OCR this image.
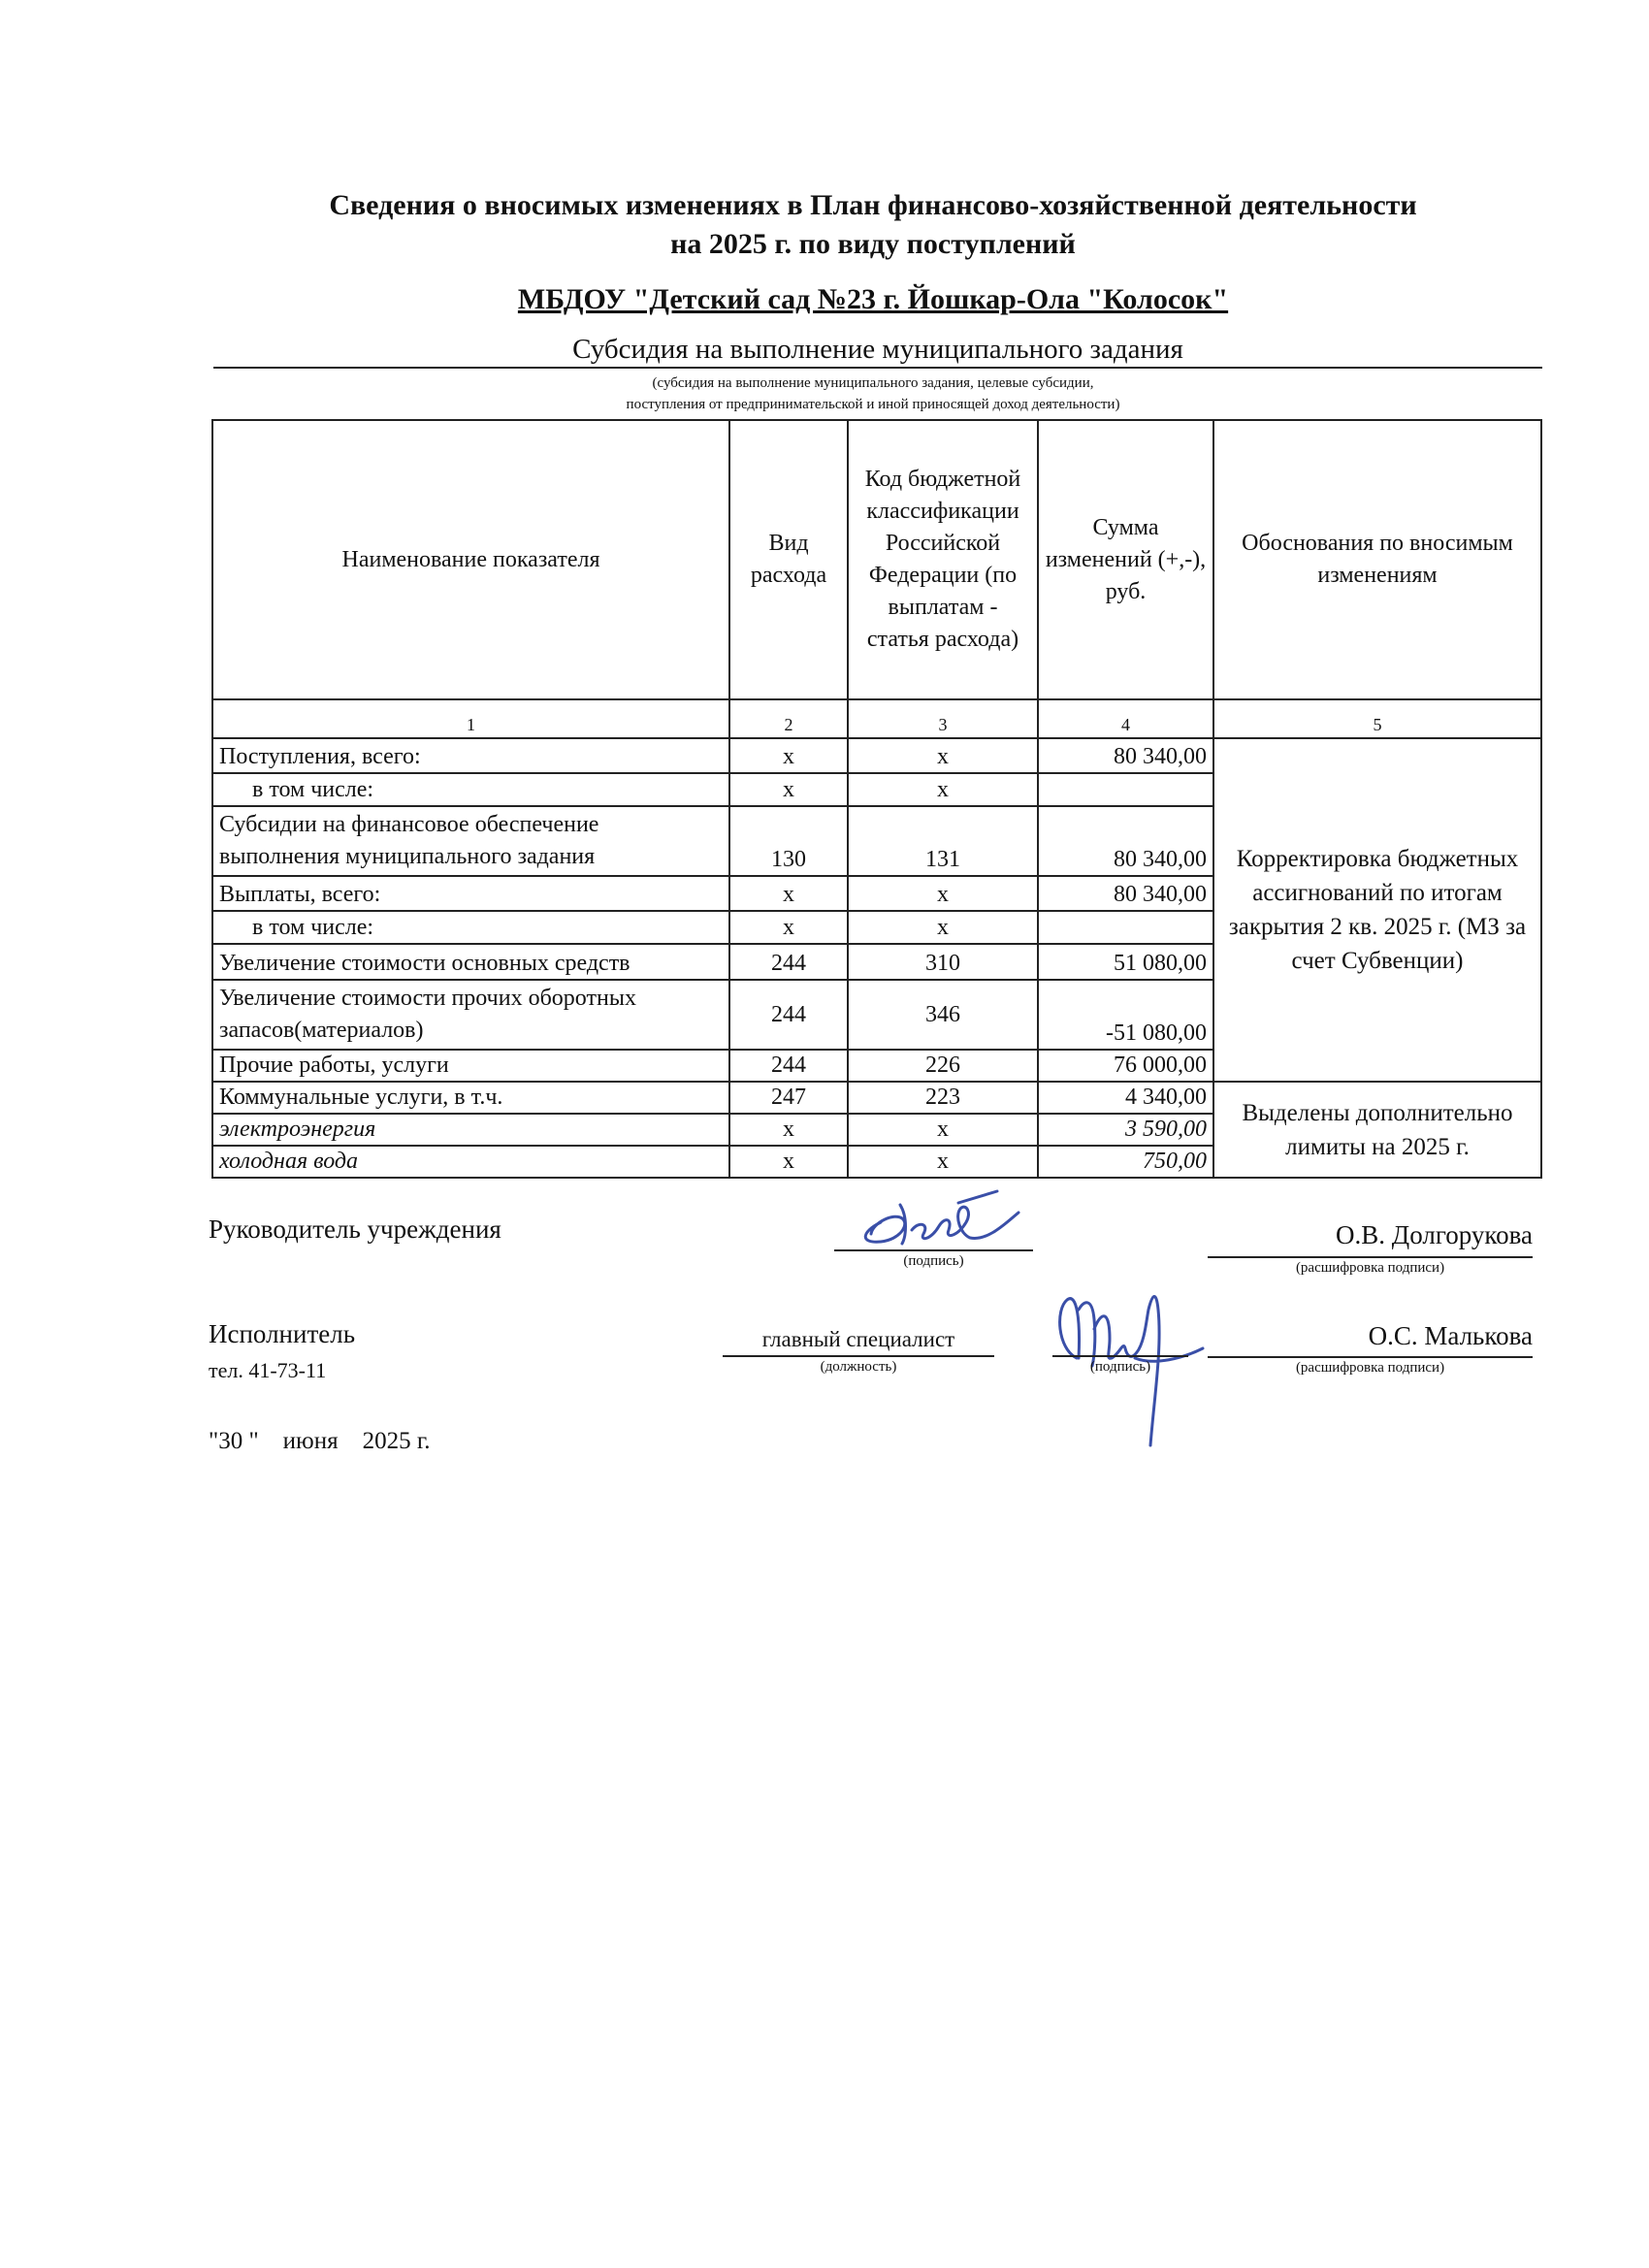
Сведения о вносимых изменениях в План финансово-хозяйственной деятельности
на 2025 г. по виду поступлений
МБДОУ "Детский сад №23 г. Йошкар-Ола "Колосок"
Субсидия на выполнение муниципального задания
(субсидия на выполнение муниципального задания, целевые субсидии,
поступления от предпринимательской и иной приносящей доход деятельности)
Наименование показателя	Вид расхода	Код бюджетной классификации Российской Федерации (по выплатам - статья расхода)	Сумма изменений (+,-), руб.	Обоснования по вносимым изменениям
1	2	3	4	5
Поступления, всего:	х	х	80 340,00	Корректировка бюджетных ассигнований по итогам закрытия 2 кв. 2025 г. (МЗ за счет Субвенции)
в том числе:	х	х		
Субсидии на финансовое обеспечение выполнения муниципального задания	130	131	80 340,00	
Выплаты, всего:	х	х	80 340,00	
в том числе:	х	х		
Увеличение стоимости основных средств	244	310	51 080,00	
Увеличение стоимости прочих оборотных запасов(материалов)	244	346	-51 080,00	
Прочие работы, услуги	244	226	76 000,00	
Коммунальные услуги, в т.ч.	247	223	4 340,00	Выделены дополнительно лимиты на 2025 г.
электроэнергия	х	х	3 590,00	
холодная вода	х	х	750,00	
Руководитель учреждения
(подпись)
О.В. Долгорукова
(расшифровка подписи)
Исполнитель
тел. 41-73-11
главный специалист
(должность)	(подпись)
О.С. Малькова
(расшифровка подписи)
"30 "    июня    2025 г.
